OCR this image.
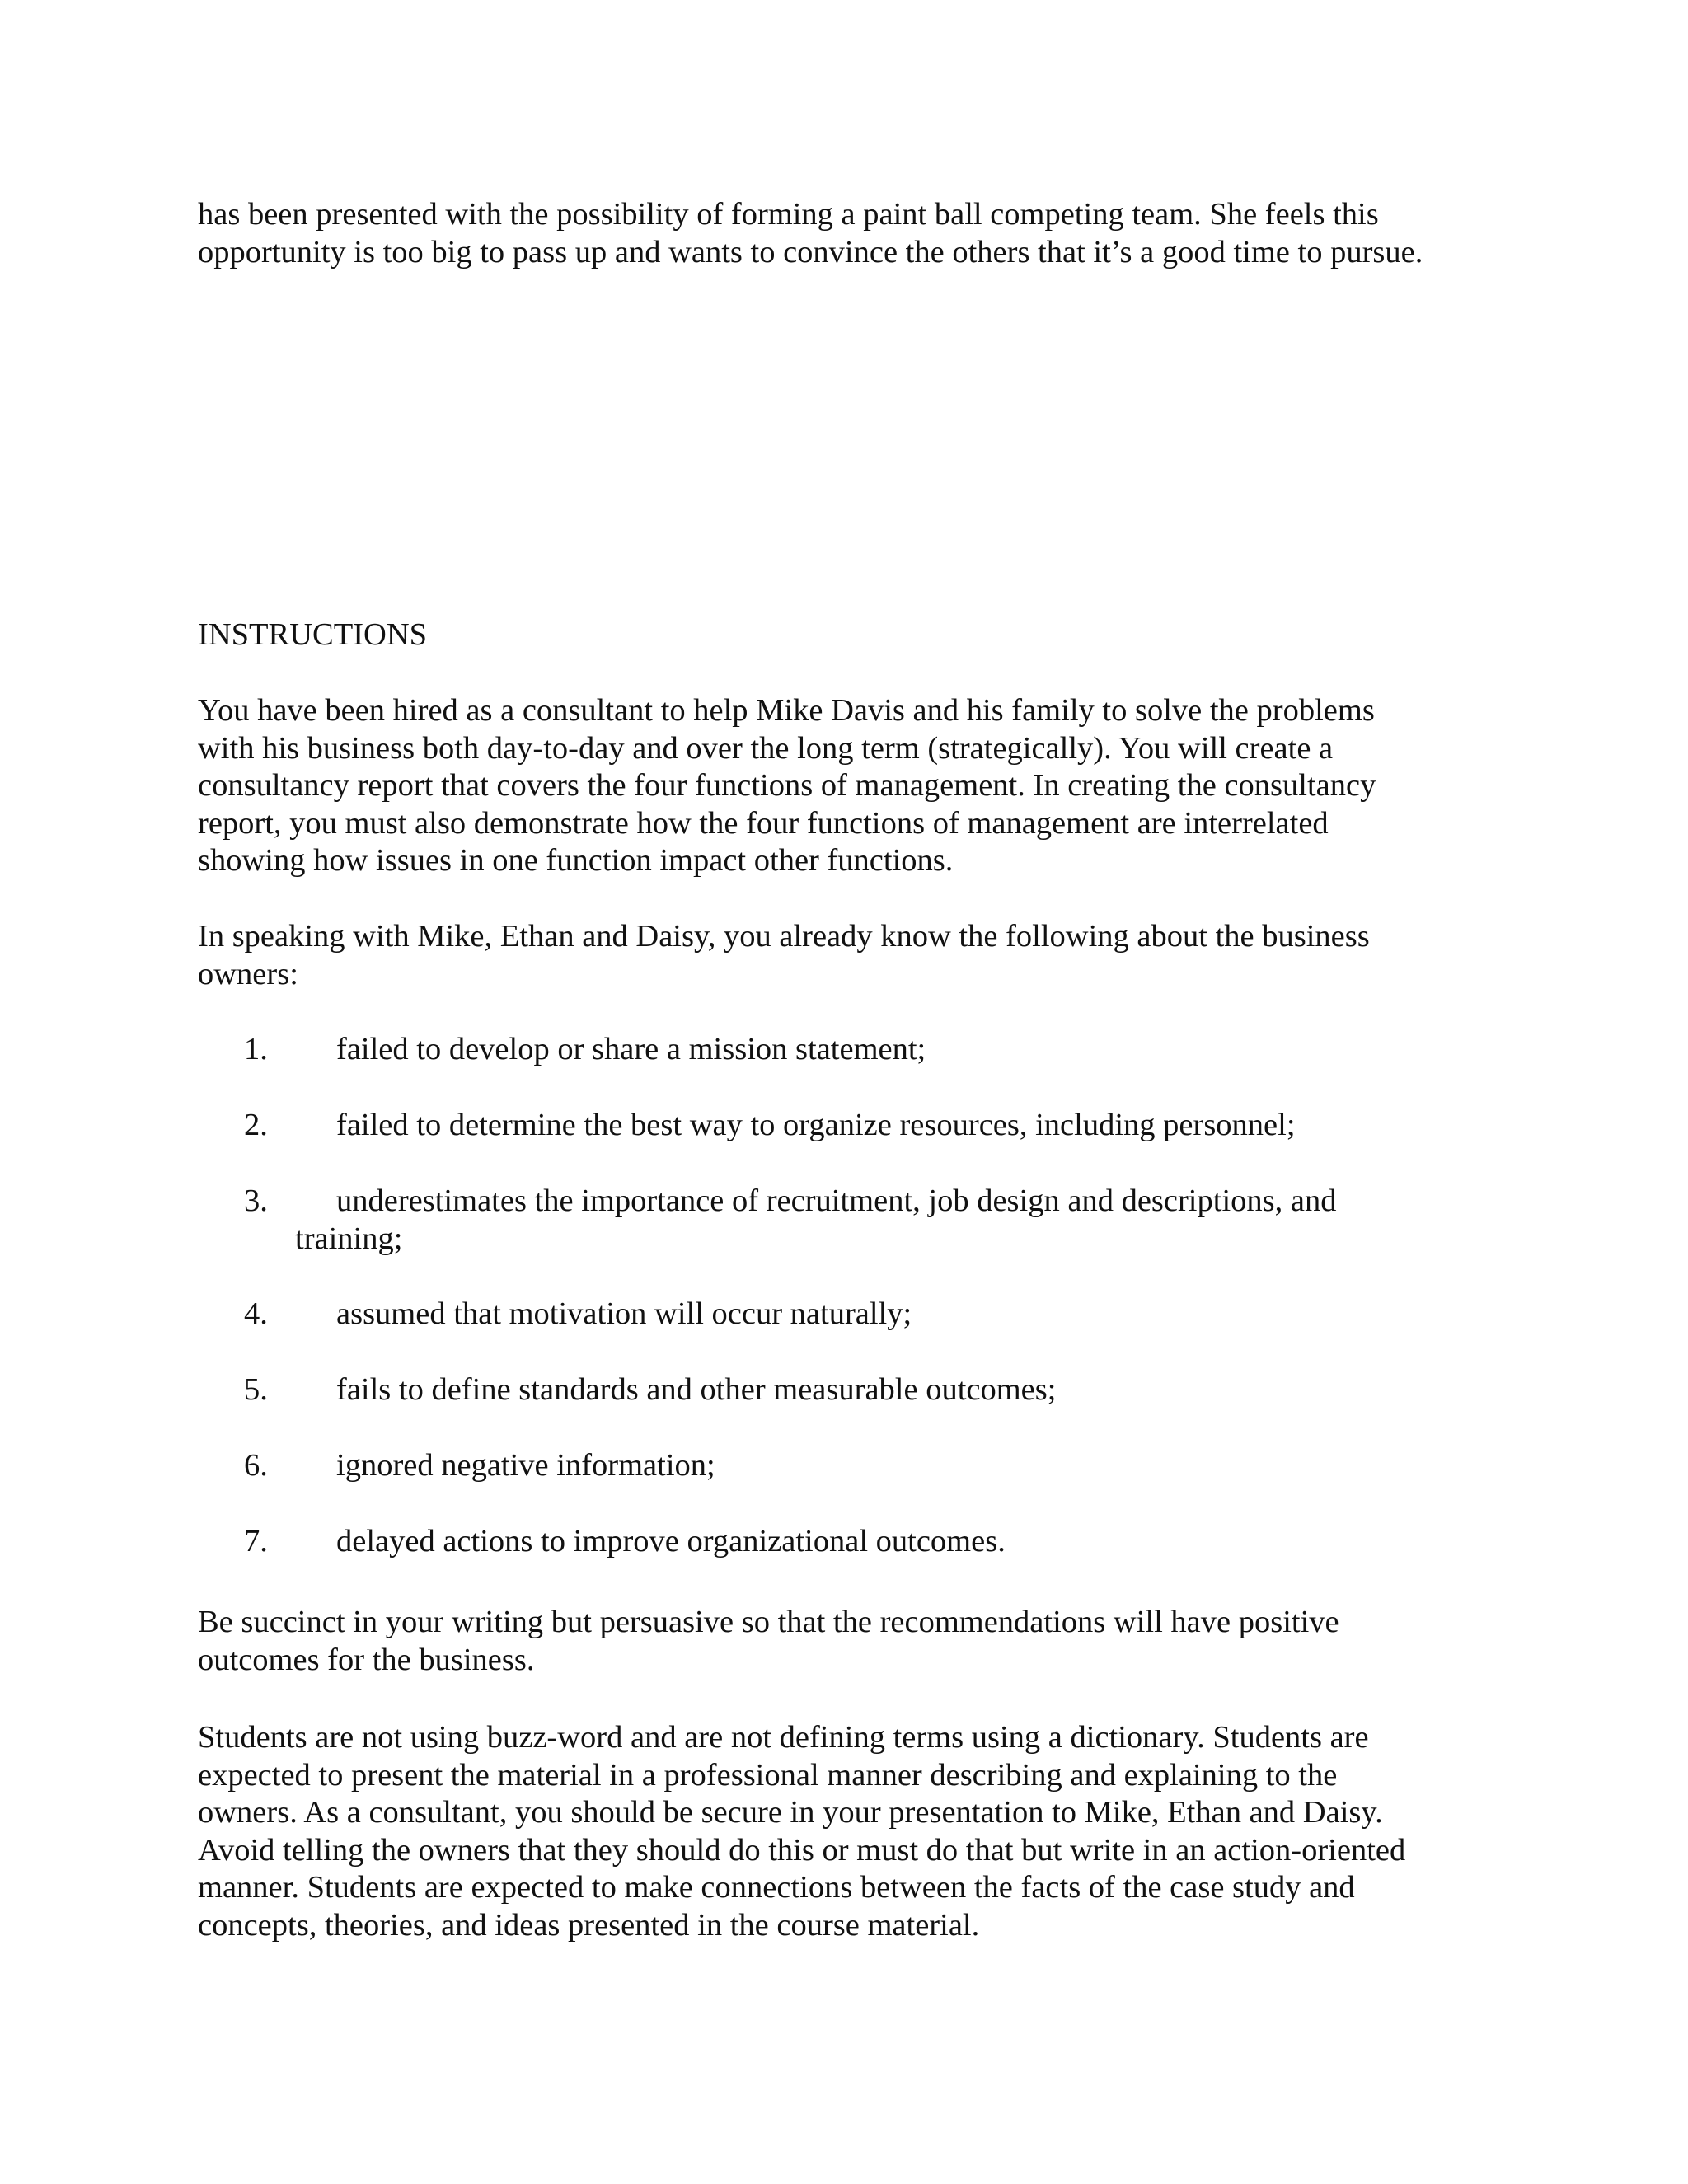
has been presented with the possibility of forming a paint ball competing team. She feels this
opportunity is too big to pass up and wants to convince the others that it’s a good time to pursue.
INSTRUCTIONS
You have been hired as a consultant to help Mike Davis and his family to solve the problems
with his business both day-to-day and over the long term (strategically). You will create a
consultancy report that covers the four functions of management. In creating the consultancy
report, you must also demonstrate how the four functions of management are interrelated
showing how issues in one function impact other functions.
In speaking with Mike, Ethan and Daisy, you already know the following about the business
owners:
1. failed to develop or share a mission statement;
2. failed to determine the best way to organize resources, including personnel;
3. underestimates the importance of recruitment, job design and descriptions, and
training;
4. assumed that motivation will occur naturally;
5. fails to define standards and other measurable outcomes;
6. ignored negative information;
7. delayed actions to improve organizational outcomes.
Be succinct in your writing but persuasive so that the recommendations will have positive
outcomes for the business.
Students are not using buzz-word and are not defining terms using a dictionary. Students are
expected to present the material in a professional manner describing and explaining to the
owners. As a consultant, you should be secure in your presentation to Mike, Ethan and Daisy.
Avoid telling the owners that they should do this or must do that but write in an action-oriented
manner. Students are expected to make connections between the facts of the case study and
concepts, theories, and ideas presented in the course material.
